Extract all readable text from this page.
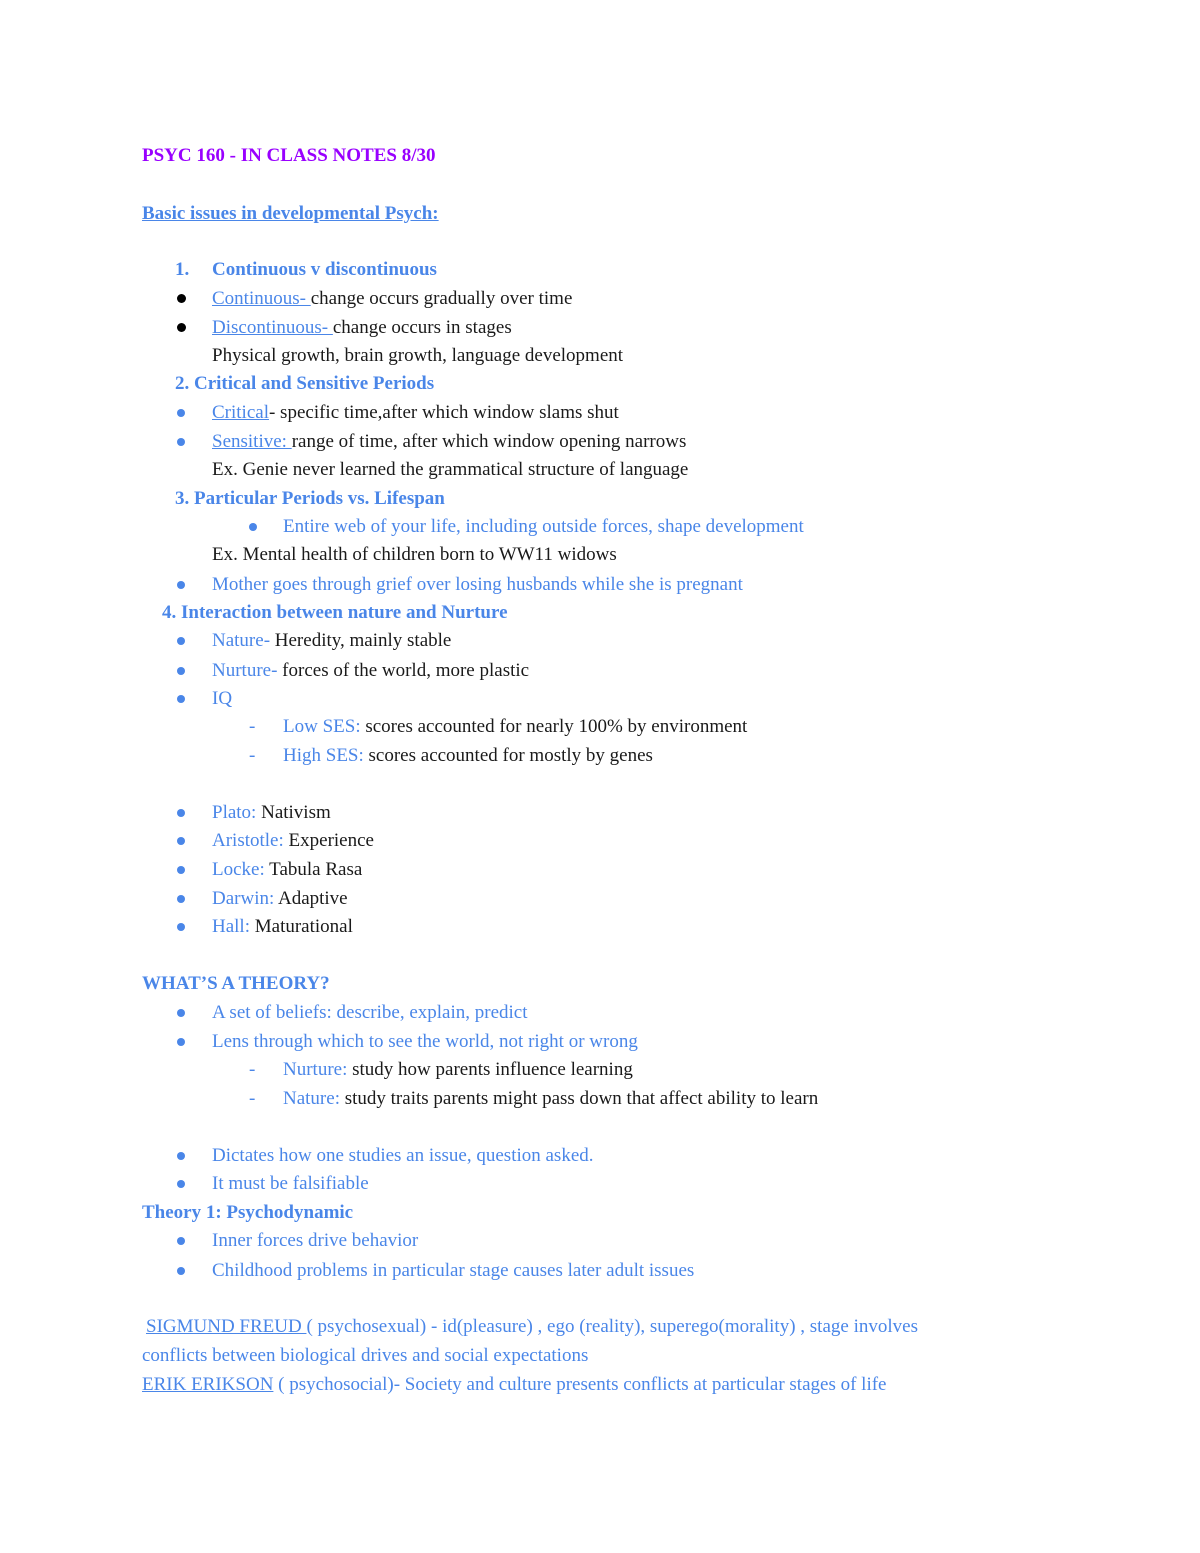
PSYC 160 - IN CLASS NOTES 8/30
Basic issues in developmental Psych:
1. Continuous v discontinuous
Continuous- change occurs gradually over time
Discontinuous- change occurs in stages
Physical growth, brain growth, language development
2. Critical and Sensitive Periods
Critical- specific time,after which window slams shut
Sensitive: range of time, after which window opening narrows
Ex. Genie never learned the grammatical structure of language
3. Particular Periods vs. Lifespan
Entire web of your life, including outside forces, shape development
Ex. Mental health of children born to WW11 widows
Mother goes through grief over losing husbands while she is pregnant
4. Interaction between nature and Nurture
Nature- Heredity, mainly stable
Nurture- forces of the world, more plastic
IQ
- Low SES: scores accounted for nearly 100% by environment
- High SES: scores accounted for mostly by genes
Plato: Nativism
Aristotle: Experience
Locke: Tabula Rasa
Darwin: Adaptive
Hall: Maturational
WHAT’S A THEORY?
A set of beliefs: describe, explain, predict
Lens through which to see the world, not right or wrong
- Nurture: study how parents influence learning
- Nature: study traits parents might pass down that affect ability to learn
Dictates how one studies an issue, question asked.
It must be falsifiable
Theory 1: Psychodynamic
Inner forces drive behavior
Childhood problems in particular stage causes later adult issues
SIGMUND FREUD ( psychosexual) - id(pleasure) , ego (reality), superego(morality) , stage involves
conflicts between biological drives and social expectations
ERIK ERIKSON ( psychosocial)- Society and culture presents conflicts at particular stages of life
